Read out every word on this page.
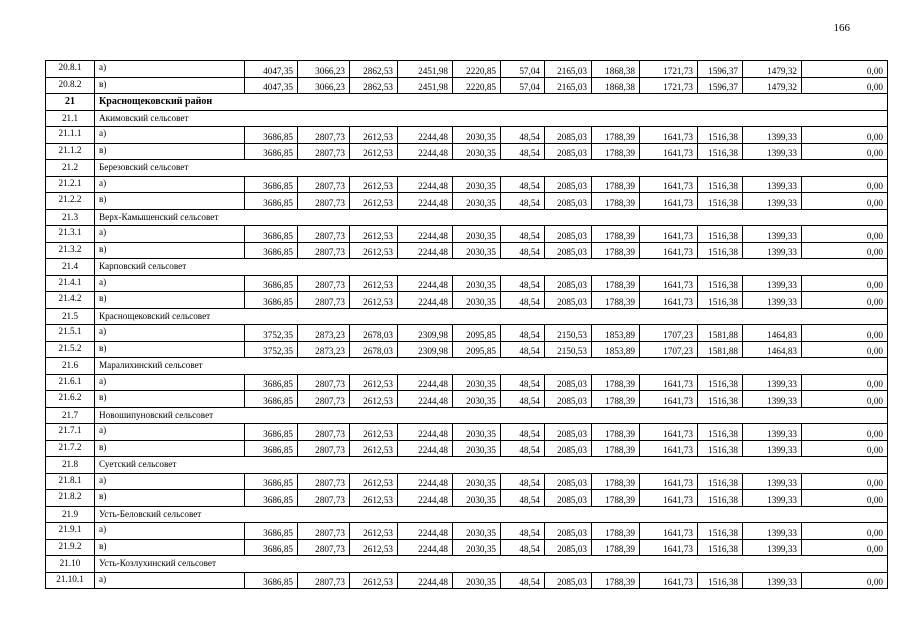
166
20.8.1	а)	4047,35	3066,23	2862,53	2451,98	2220,85	57,04	2165,03	1868,38	1721,73	1596,37	1479,32	0,00
20.8.2	в)	4047,35	3066,23	2862,53	2451,98	2220,85	57,04	2165,03	1868,38	1721,73	1596,37	1479,32	0,00
21	Краснощековский район												
21.1	Акимовский сельсовет												
21.1.1	а)	3686,85	2807,73	2612,53	2244,48	2030,35	48,54	2085,03	1788,39	1641,73	1516,38	1399,33	0,00
21.1.2	в)	3686,85	2807,73	2612,53	2244,48	2030,35	48,54	2085,03	1788,39	1641,73	1516,38	1399,33	0,00
21.2	Березовский сельсовет												
21.2.1	а)	3686,85	2807,73	2612,53	2244,48	2030,35	48,54	2085,03	1788,39	1641,73	1516,38	1399,33	0,00
21.2.2	в)	3686,85	2807,73	2612,53	2244,48	2030,35	48,54	2085,03	1788,39	1641,73	1516,38	1399,33	0,00
21.3	Верх-Камышенский сельсовет												
21.3.1	а)	3686,85	2807,73	2612,53	2244,48	2030,35	48,54	2085,03	1788,39	1641,73	1516,38	1399,33	0,00
21.3.2	в)	3686,85	2807,73	2612,53	2244,48	2030,35	48,54	2085,03	1788,39	1641,73	1516,38	1399,33	0,00
21.4	Карповский сельсовет												
21.4.1	а)	3686,85	2807,73	2612,53	2244,48	2030,35	48,54	2085,03	1788,39	1641,73	1516,38	1399,33	0,00
21.4.2	в)	3686,85	2807,73	2612,53	2244,48	2030,35	48,54	2085,03	1788,39	1641,73	1516,38	1399,33	0,00
21.5	Краснощековский сельсовет												
21.5.1	а)	3752,35	2873,23	2678,03	2309,98	2095,85	48,54	2150,53	1853,89	1707,23	1581,88	1464,83	0,00
21.5.2	в)	3752,35	2873,23	2678,03	2309,98	2095,85	48,54	2150,53	1853,89	1707,23	1581,88	1464,83	0,00
21.6	Маралихинский сельсовет												
21.6.1	а)	3686,85	2807,73	2612,53	2244,48	2030,35	48,54	2085,03	1788,39	1641,73	1516,38	1399,33	0,00
21.6.2	в)	3686,85	2807,73	2612,53	2244,48	2030,35	48,54	2085,03	1788,39	1641,73	1516,38	1399,33	0,00
21.7	Новошипуновский сельсовет												
21.7.1	а)	3686,85	2807,73	2612,53	2244,48	2030,35	48,54	2085,03	1788,39	1641,73	1516,38	1399,33	0,00
21.7.2	в)	3686,85	2807,73	2612,53	2244,48	2030,35	48,54	2085,03	1788,39	1641,73	1516,38	1399,33	0,00
21.8	Суетский сельсовет												
21.8.1	а)	3686,85	2807,73	2612,53	2244,48	2030,35	48,54	2085,03	1788,39	1641,73	1516,38	1399,33	0,00
21.8.2	в)	3686,85	2807,73	2612,53	2244,48	2030,35	48,54	2085,03	1788,39	1641,73	1516,38	1399,33	0,00
21.9	Усть-Беловский сельсовет												
21.9.1	а)	3686,85	2807,73	2612,53	2244,48	2030,35	48,54	2085,03	1788,39	1641,73	1516,38	1399,33	0,00
21.9.2	в)	3686,85	2807,73	2612,53	2244,48	2030,35	48,54	2085,03	1788,39	1641,73	1516,38	1399,33	0,00
21.10	Усть-Козлухинский сельсовет												
21.10.1	а)	3686,85	2807,73	2612,53	2244,48	2030,35	48,54	2085,03	1788,39	1641,73	1516,38	1399,33	0,00
